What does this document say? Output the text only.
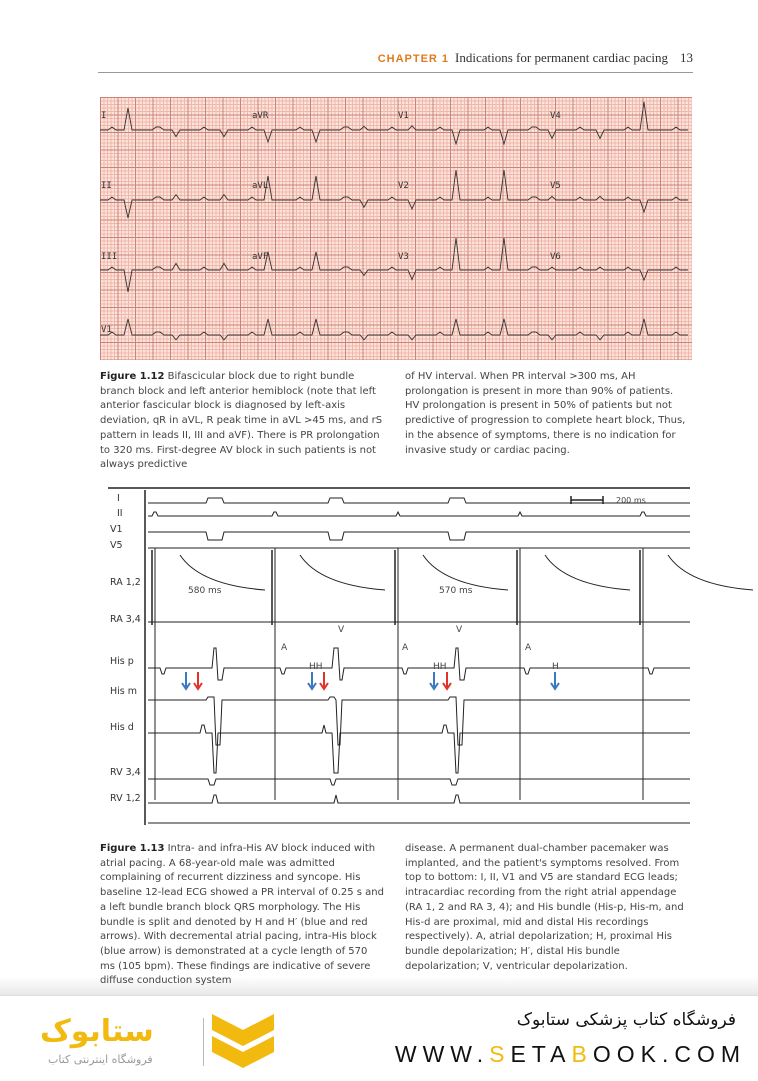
CHAPTER 1 Indications for permanent cardiac pacing 13
I	aVR	V1	V4
II	aVL	V2	V5
III	aVF	V3	V6
V1
Figure 1.12 Bifascicular block due to right bundle branch block and left anterior hemiblock (note that left anterior fascicular block is diagnosed by left-axis deviation, qR in aVL, R peak time in aVL >45 ms, and rS pattern in leads II, III and aVF). There is PR prolongation to 320 ms. First-degree AV block in such patients is not always predictive
of HV interval. When PR interval >300 ms, AH prolongation is present in more than 90% of patients. HV prolongation is present in 50% of patients but not predictive of progression to complete heart block, Thus, in the absence of symptoms, there is no indication for invasive study or cardiac pacing.
I
II
V1
V5
RA 1,2
RA 3,4
His p
His m
His d
RV 3,4
RV 1,2
200 ms
580 ms	570 ms
A	A	A
V	V
HH	HH	H
Figure 1.13 Intra- and infra-His AV block induced with atrial pacing. A 68-year-old male was admitted complaining of recurrent dizziness and syncope. His baseline 12-lead ECG showed a PR interval of 0.25 s and a left bundle branch block QRS morphology. The His bundle is split and denoted by H and H′ (blue and red arrows). With decremental atrial pacing, intra-His block (blue arrow) is demonstrated at a cycle length of 570 ms (105 bpm). These findings are indicative of severe diffuse conduction system
disease. A permanent dual-chamber pacemaker was implanted, and the patient's symptoms resolved. From top to bottom: I, II, V1 and V5 are standard ECG leads; intracardiac recording from the right atrial appendage (RA 1, 2 and RA 3, 4); and His bundle (His-p, His-m, and His-d are proximal, mid and distal His recordings respectively). A, atrial depolarization; H, proximal His bundle depolarization; H′, distal His bundle depolarization; V, ventricular depolarization.
ستابوک
فروشگاه اینترنتی کتاب
فروشگاه کتاب پزشکی ستابوک
WWW.SETABOOK.COM
